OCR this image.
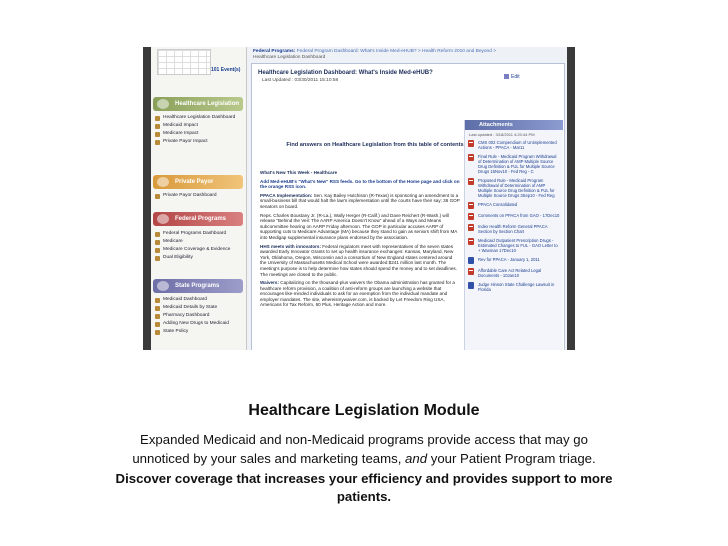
101 Event(s)
Healthcare Legislation
Healthcare Legislation Dashboard
Medicaid Impact
Medicare Impact
Private Payor Impact
Private Payor
Private Payor Dashboard
Federal Programs
Federal Programs Dashboard
Medicare
Medicare Coverage & Evidence
Dual Eligibility
State Programs
Medicaid Dashboard
Medicaid Details by State
Pharmacy Dashboard
Adding New Drugs to Medicaid
State Policy
Federal Programs: Federal Program Dashboard: What's Inside Med-eHUB? > Health Reform 2010 and Beyond >
Healthcare Legislation Dashboard
Healthcare Legislation Dashboard: What's Inside Med-eHUB?
Last Updated : 03/30/2011 15:10:58
Edit
Find answers on Healthcare Legislation from this table of contents

What's New This Week - Healthcare

Add Med-eHUB's "What's New" RSS feeds. Go to the bottom of the Home page and click on the orange RSS icon.

PPACA Implementation: Sen. Kay Bailey Hutchison (R-Texas) is sponsoring an amendment to a small-business bill that would halt the law's implementation until the courts have their say; 36 GOP senators on board.

Reps. Charles Boustany Jr. (R-La.), Wally Herger (R-Calif.) and Dave Reichert (R-Wash.) will release "Behind the Veil: The AARP America Doesn't Know" ahead of a Ways and Means subcommittee hearing on AARP Friday afternoon. The GOP in particular accuses AARP of supporting cuts to Medicare Advantage (MA) because they stand to gain as seniors shift from MA into Medigap supplemental insurance plans endorsed by the association.

HHS meets with innovators: Federal regulators meet with representatives of the seven states awarded Early Innovator Grants to set up health insurance exchanges: Kansas, Maryland, New York, Oklahoma, Oregon, Wisconsin and a consortium of New England states centered around the University of Massachusetts Medical School were awarded $241 million last month. The meeting's purpose is to help determine how states should spend the money and to set deadlines. The meetings are closed to the public.

Waivers: Capitalizing on the thousand-plus waivers the Obama administration has granted for a healthcare reform provision, a coalition of anti-reform groups are launching a website that encourages like-minded individuals to ask for an exemption from the individual mandate and employer mandates. The site, whereismywaiver.com, is backed by Let Freedom Ring USA, Americans for Tax Reform, 60 Plus, Heritage Action and more.

Attachments
Last updated : 3/18/2011 4:20:44 PM
CMS 002 Compendium of Unimplemented Actions - PPACA - Mar11
Final Rule - Medicaid Program Withdrawal of Determination of AMP Multiple Source Drug Definition & FUL for Multiple Source Drugs 15Nov10 - Fed Reg - C
Proposed Rule - Medicaid Program Withdrawal of Determination of AMP Multiple Source Drug Definition & FUL for Multiple Source Drugs 3Sep10 - Fed Reg
PPACA Consolidated
Comments on PPACA from GAO - 17Dec10
Index Health Reform General PPACA Section by Section Chart
Medicaid Outpatient Prescription Drugs - Estimated Changes to FUL - GAO Letter to + Waxman 17Dec10
Rev for PPACA - January 1, 2011
Affordable Care Act Related Legal Documents - 10Jan10
Judge Hinson State Challenge Lawsuit in Florida
Healthcare Legislation Module
Expanded Medicaid and non-Medicaid programs provide access that may go
unnoticed by your sales and marketing teams, and your Patient Program triage.
Discover coverage that increases your efficiency and provides support to more
patients.
